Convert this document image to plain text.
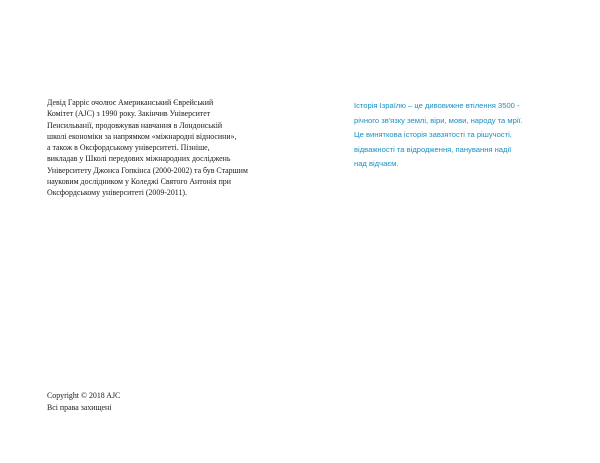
Девід Гарріс очолює Американський Єврейський
Комітет (AJC) з 1990 року. Закінчив Університет
Пенсильванії, продовжував навчання в Лондонській
школі економіки за напрямком «міжнародні відносини»,
а також в Оксфордському університеті. Пізніше,
викладав у Школі передових міжнародних досліджень
Університету Джонса Гопкінса (2000-2002) та був Старшим
науковим дослідником у Коледжі Святого Антонія при
Оксфордському університеті (2009-2011).
Історія Ізраїлю – це дивовижне втілення 3500 -
річного зв'язку землі, віри, мови, народу та мрії.
Це виняткова історія завзятості та рішучості,
відважності та відродження, панування надії
над відчаєм.
Copyright © 2018 AJC
Всі права захищені
